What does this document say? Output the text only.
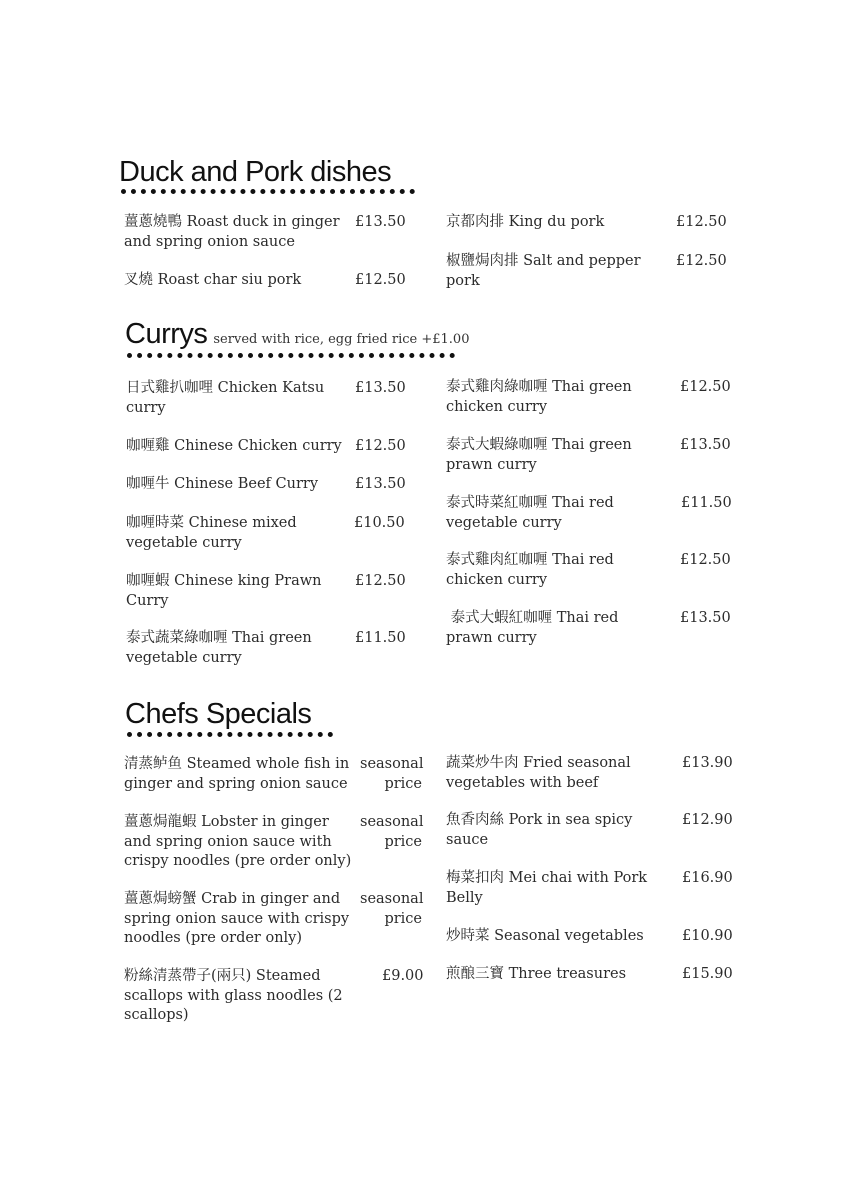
Duck and Pork dishes
薑蔥燒鴨 Roast duck in ginger and spring onion sauce
£13.50
叉燒 Roast char siu pork	£12.50
京都肉排 King du pork	£12.50
椒鹽焗肉排 Salt and pepper pork
£12.50
Currys served with rice, egg fried rice +£1.00
日式雞扒咖哩 Chicken Katsu curry
£13.50
咖喱雞 Chinese Chicken curry £12.50
咖喱牛 Chinese Beef Curry	£13.50
咖喱時菜 Chinese mixed vegetable curry
£10.50
咖喱蝦 Chinese king Prawn Curry
£12.50
泰式蔬菜綠咖喱 Thai green vegetable curry
£11.50
泰式雞肉綠咖喱 Thai green chicken curry
£12.50
泰式大蝦綠咖喱 Thai green prawn curry
£13.50
泰式時菜紅咖喱 Thai red vegetable curry
£11.50
泰式雞肉紅咖喱 Thai red chicken curry
£12.50
泰式大蝦紅咖喱 Thai red prawn curry
£13.50
Chefs Specials
清蒸鲈鱼 Steamed whole fish in ginger and spring onion sauce
seasonal price
薑蔥焗龍蝦 Lobster in ginger and spring onion sauce with crispy noodles (pre order only)
seasonal price
薑蔥焗螃蟹 Crab in ginger and spring onion sauce with crispy noodles (pre order only)
seasonal price
粉絲清蒸帶子(兩只) Steamed scallops with glass noodles (2 scallops)
£9.00
蔬菜炒牛肉 Fried seasonal vegetables with beef
£13.90
魚香肉絲 Pork in sea spicy sauce
£12.90
梅菜扣肉 Mei chai with Pork Belly
£16.90
炒時菜 Seasonal vegetables	£10.90
煎酿三寶 Three treasures	£15.90
